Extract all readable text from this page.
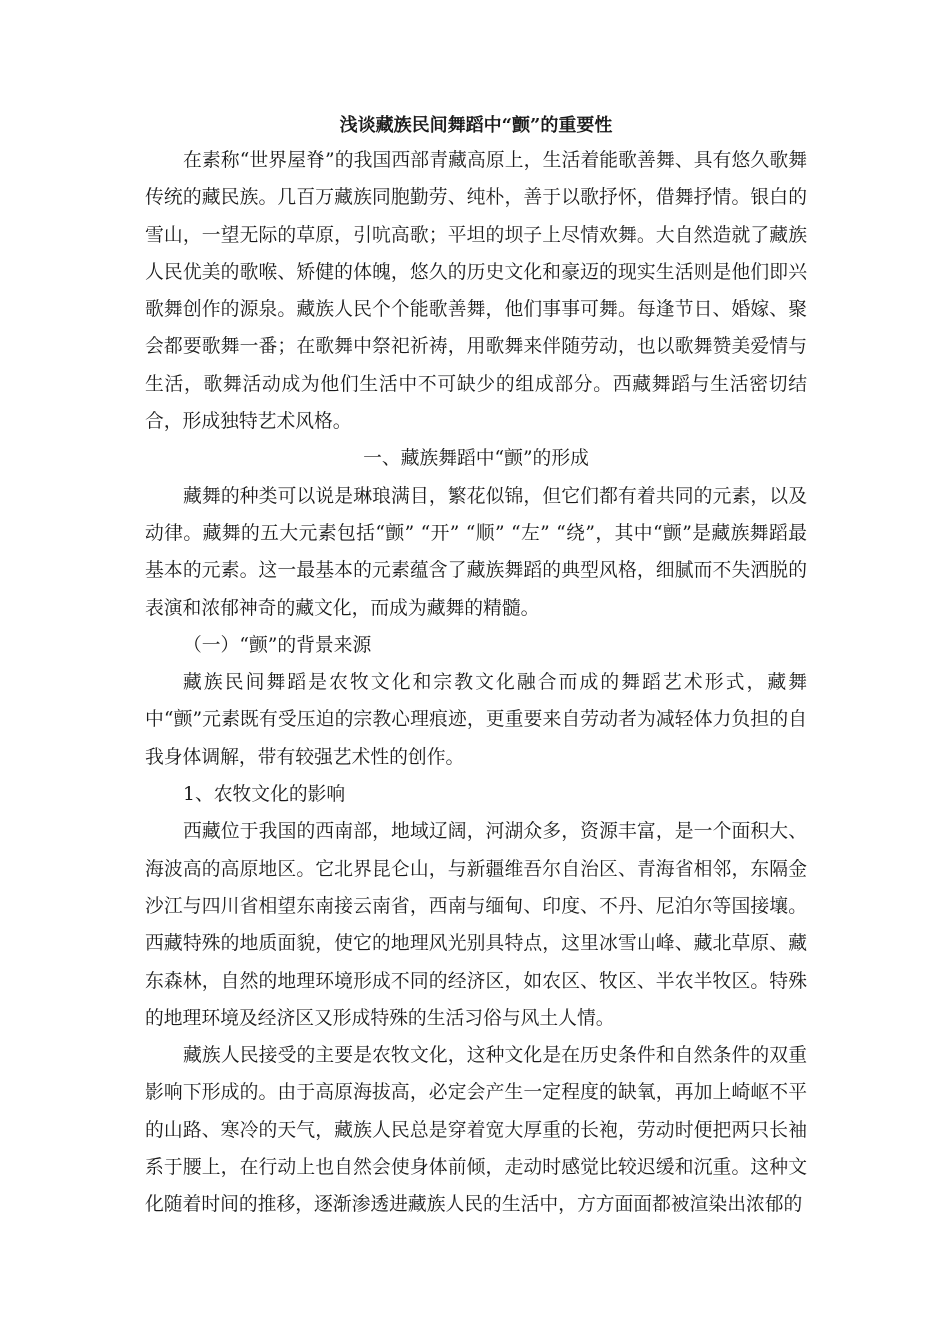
浅谈藏族民间舞蹈中“颤”的重要性

在素称“世界屋脊”的我国西部青藏高原上，生活着能歌善舞、具有悠久歌舞传统的藏民族。几百万藏族同胞勤劳、纯朴，善于以歌抒怀，借舞抒情。银白的雪山，一望无际的草原，引吭高歌；平坦的坝子上尽情欢舞。大自然造就了藏族人民优美的歌喉、矫健的体魄，悠久的历史文化和豪迈的现实生活则是他们即兴歌舞创作的源泉。藏族人民个个能歌善舞，他们事事可舞。每逢节日、婚嫁、聚会都要歌舞一番；在歌舞中祭祀祈祷，用歌舞来伴随劳动，也以歌舞赞美爱情与生活，歌舞活动成为他们生活中不可缺少的组成部分。西藏舞蹈与生活密切结合，形成独特艺术风格。

一、藏族舞蹈中“颤”的形成

藏舞的种类可以说是琳琅满目，繁花似锦，但它们都有着共同的元素，以及动律。藏舞的五大元素包括“颤” “开” “顺” “左” “绕”，其中“颤”是藏族舞蹈最基本的元素。这一最基本的元素蕴含了藏族舞蹈的典型风格，细腻而不失洒脱的表演和浓郁神奇的藏文化，而成为藏舞的精髓。

（一）“颤”的背景来源

藏族民间舞蹈是农牧文化和宗教文化融合而成的舞蹈艺术形式，藏舞中“颤”元素既有受压迫的宗教心理痕迹，更重要来自劳动者为减轻体力负担的自我身体调解，带有较强艺术性的创作。

1、农牧文化的影响

西藏位于我国的西南部，地域辽阔，河湖众多，资源丰富，是一个面积大、海波高的高原地区。它北界昆仑山，与新疆维吾尔自治区、青海省相邻，东隔金沙江与四川省相望东南接云南省，西南与缅甸、印度、不丹、尼泊尔等国接壤。西藏特殊的地质面貌，使它的地理风光别具特点，这里冰雪山峰、藏北草原、藏东森林，自然的地理环境形成不同的经济区，如农区、牧区、半农半牧区。特殊的地理环境及经济区又形成特殊的生活习俗与风土人情。

藏族人民接受的主要是农牧文化，这种文化是在历史条件和自然条件的双重影响下形成的。由于高原海拔高，必定会产生一定程度的缺氧，再加上崎岖不平的山路、寒冷的天气，藏族人民总是穿着宽大厚重的长袍，劳动时便把两只长袖系于腰上，在行动上也自然会使身体前倾，走动时感觉比较迟缓和沉重。这种文化随着时间的推移，逐渐渗透进藏族人民的生活中，方方面面都被渲染出浓郁的
